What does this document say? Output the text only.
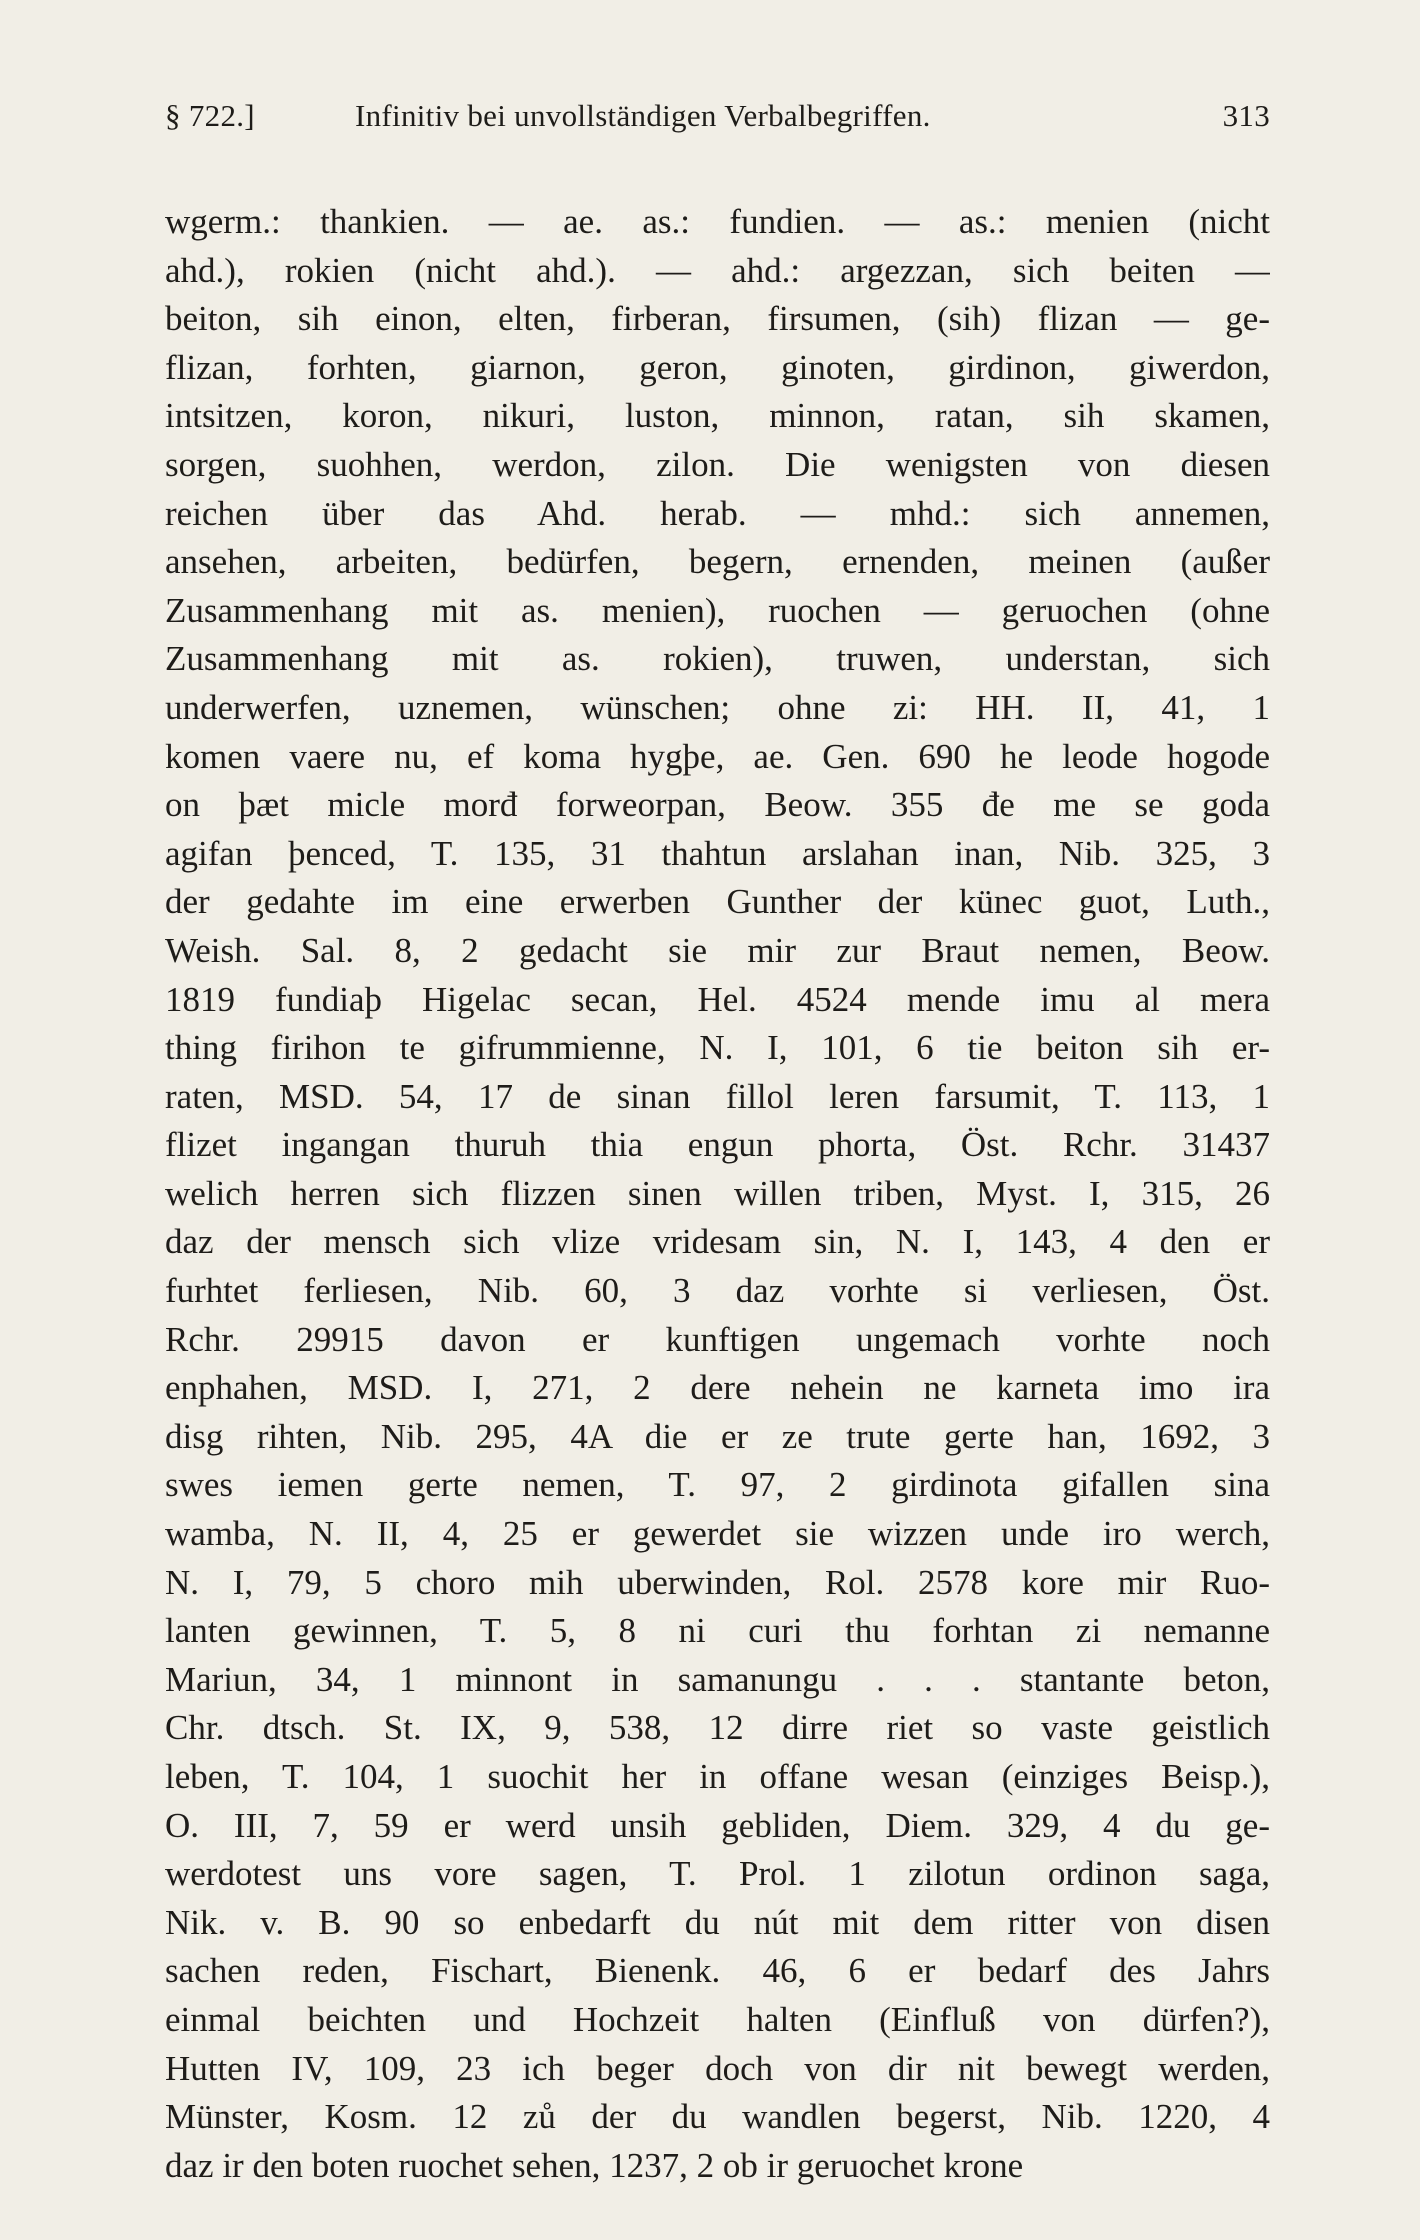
§ 722.]	Infinitiv bei unvollständigen Verbalbegriffen.	313
wgerm.: thankien. — ae. as.: fundien. — as.: menien (nicht
ahd.), rokien (nicht ahd.). — ahd.: argezzan, sich beiten —
beiton, sih einon, elten, firberan, firsumen, (sih) flizan — ge-
flizan, forhten, giarnon, geron, ginoten, girdinon, giwerdon,
intsitzen, koron, nikuri, luston, minnon, ratan, sih skamen,
sorgen, suohhen, werdon, zilon. Die wenigsten von diesen
reichen über das Ahd. herab. — mhd.: sich annemen,
ansehen, arbeiten, bedürfen, begern, ernenden, meinen (außer
Zusammenhang mit as. menien), ruochen — geruochen (ohne
Zusammenhang mit as. rokien), truwen, understan, sich
underwerfen, uznemen, wünschen; ohne zi: HH. II, 41, 1
komen vaere nu, ef koma hygþe, ae. Gen. 690 he leode hogode
on þæt micle morđ forweorpan, Beow. 355 đe me se goda
agifan þenced, T. 135, 31 thahtun arslahan inan, Nib. 325, 3
der gedahte im eine erwerben Gunther der künec guot, Luth.,
Weish. Sal. 8, 2 gedacht sie mir zur Braut nemen, Beow.
1819 fundiaþ Higelac secan, Hel. 4524 mende imu al mera
thing firihon te gifrummienne, N. I, 101, 6 tie beiton sih er-
raten, MSD. 54, 17 de sinan fillol leren farsumit, T. 113, 1
flizet ingangan thuruh thia engun phorta, Öst. Rchr. 31437
welich herren sich flizzen sinen willen triben, Myst. I, 315, 26
daz der mensch sich vlize vridesam sin, N. I, 143, 4 den er
furhtet ferliesen, Nib. 60, 3 daz vorhte si verliesen, Öst.
Rchr. 29915 davon er kunftigen ungemach vorhte noch
enphahen, MSD. I, 271, 2 dere nehein ne karneta imo ira
disg rihten, Nib. 295, 4A die er ze trute gerte han, 1692, 3
swes iemen gerte nemen, T. 97, 2 girdinota gifallen sina
wamba, N. II, 4, 25 er gewerdet sie wizzen unde iro werch,
N. I, 79, 5 choro mih uberwinden, Rol. 2578 kore mir Ruo-
lanten gewinnen, T. 5, 8 ni curi thu forhtan zi nemanne
Mariun, 34, 1 minnont in samanungu . . . stantante beton,
Chr. dtsch. St. IX, 9, 538, 12 dirre riet so vaste geistlich
leben, T. 104, 1 suochit her in offane wesan (einziges Beisp.),
O. III, 7, 59 er werd unsih gebliden, Diem. 329, 4 du ge-
werdotest uns vore sagen, T. Prol. 1 zilotun ordinon saga,
Nik. v. B. 90 so enbedarft du nút mit dem ritter von disen
sachen reden, Fischart, Bienenk. 46, 6 er bedarf des Jahrs
einmal beichten und Hochzeit halten (Einfluß von dürfen?),
Hutten IV, 109, 23 ich beger doch von dir nit bewegt werden,
Münster, Kosm. 12 zů der du wandlen begerst, Nib. 1220, 4
daz ir den boten ruochet sehen, 1237, 2 ob ir geruochet krone
